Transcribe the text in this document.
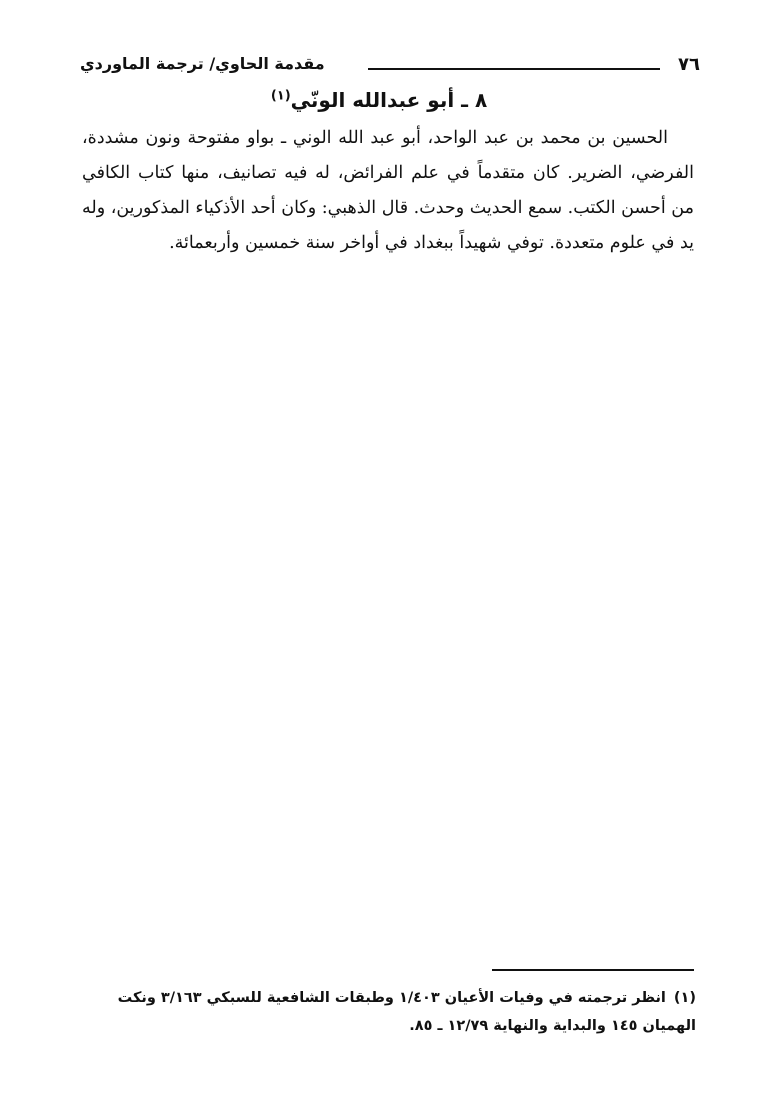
٧٦
مقدمة الحاوي/ ترجمة الماوردي
٨ ـ أبو عبدالله الونّي$^{(١)}$

الحسين بن محمد بن عبد الواحد، أبو عبد الله الوني ـ بواو مفتوحة ونون مشددة، الفرضي، الضرير. كان متقدماً في علم الفرائض، له فيه تصانيف، منها كتاب الكافي من أحسن الكتب. سمع الحديث وحدث. قال الذهبي: وكان أحد الأذكياء المذكورين، وله يد في علوم متعددة. توفي شهيداً ببغداد في أواخر سنة خمسين وأربعمائة.

(١)انظر ترجمته في وفيات الأعيان ١/٤٠٣ وطبقات الشافعية للسبكي ٣/١٦٣ ونكت الهميان ١٤٥ والبداية والنهاية ١٢/٧٩ ـ ٨٥.
